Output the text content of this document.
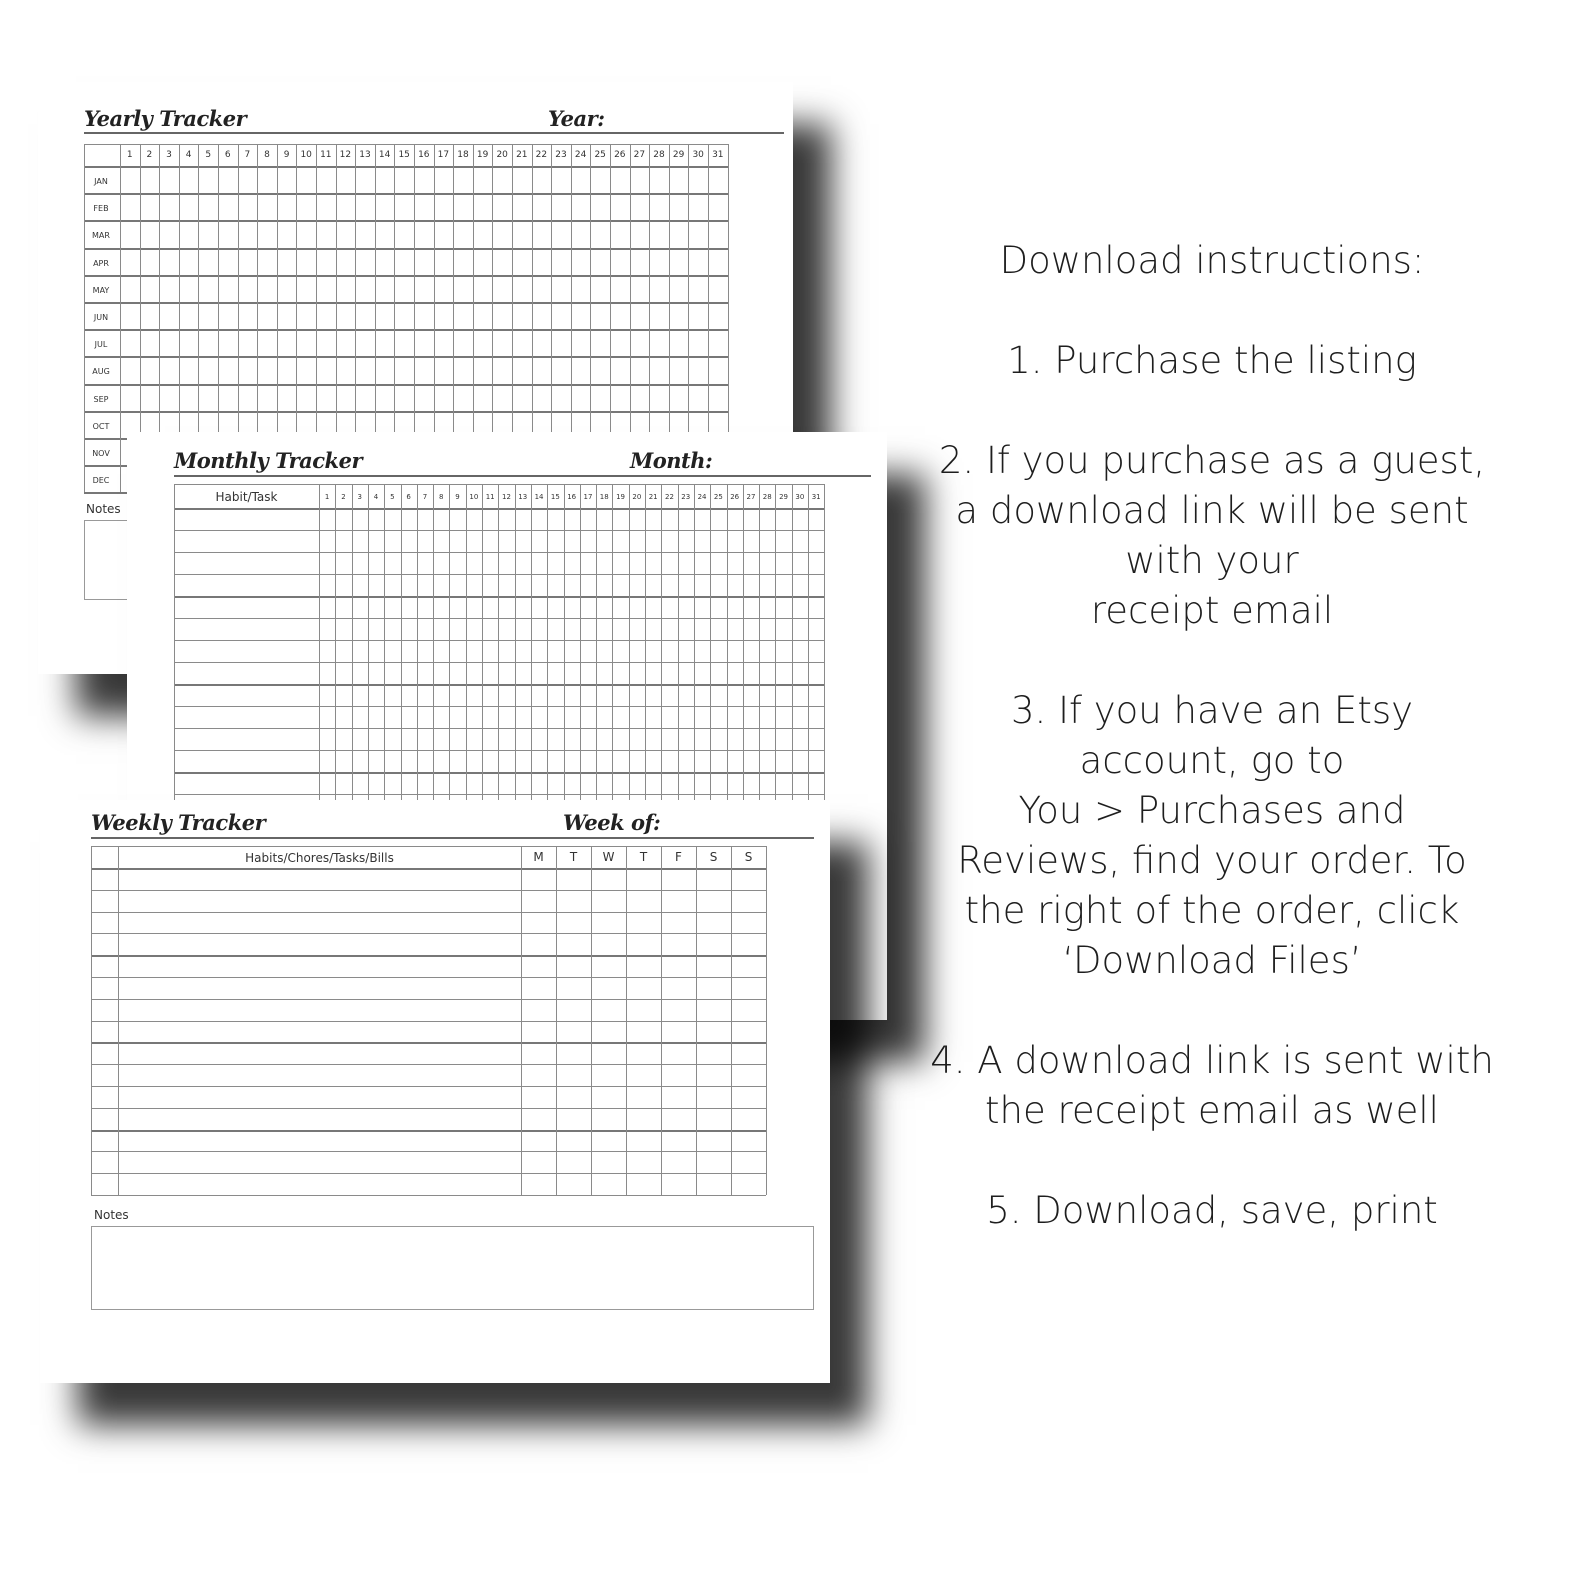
Yearly Tracker	Year:
1	2	3	4	5	6	7	8	9	10 11 12 13 14 15 16 17 18 19 20 21 22 23 24 25 26 27 28 29 30 31
JAN
FEB
MAR
APR
MAY
JUN
JUL
AUG
SEP
OCT
NOV
DEC
Notes
Monthly Tracker	Month:
Habit/Task	1	2	3	4	5	6	7	8	9	10	11	12	13	14	15	16	17	18	19	20	21	22	23	24	25	26	27	28	29	30	31
Weekly Tracker	Week of:
Habits/Chores/Tasks/Bills	M	T	W	T	F	S	S
Notes

Download instructions:

1. Purchase the listing

2. If you purchase as a guest,
a download link will be sent
with your
receipt email

3. If you have an Etsy
account, go to
You > Purchases and
Reviews, find your order. To
the right of the order, click
‘Download Files’

4. A download link is sent with
the receipt email as well

5. Download, save, print
